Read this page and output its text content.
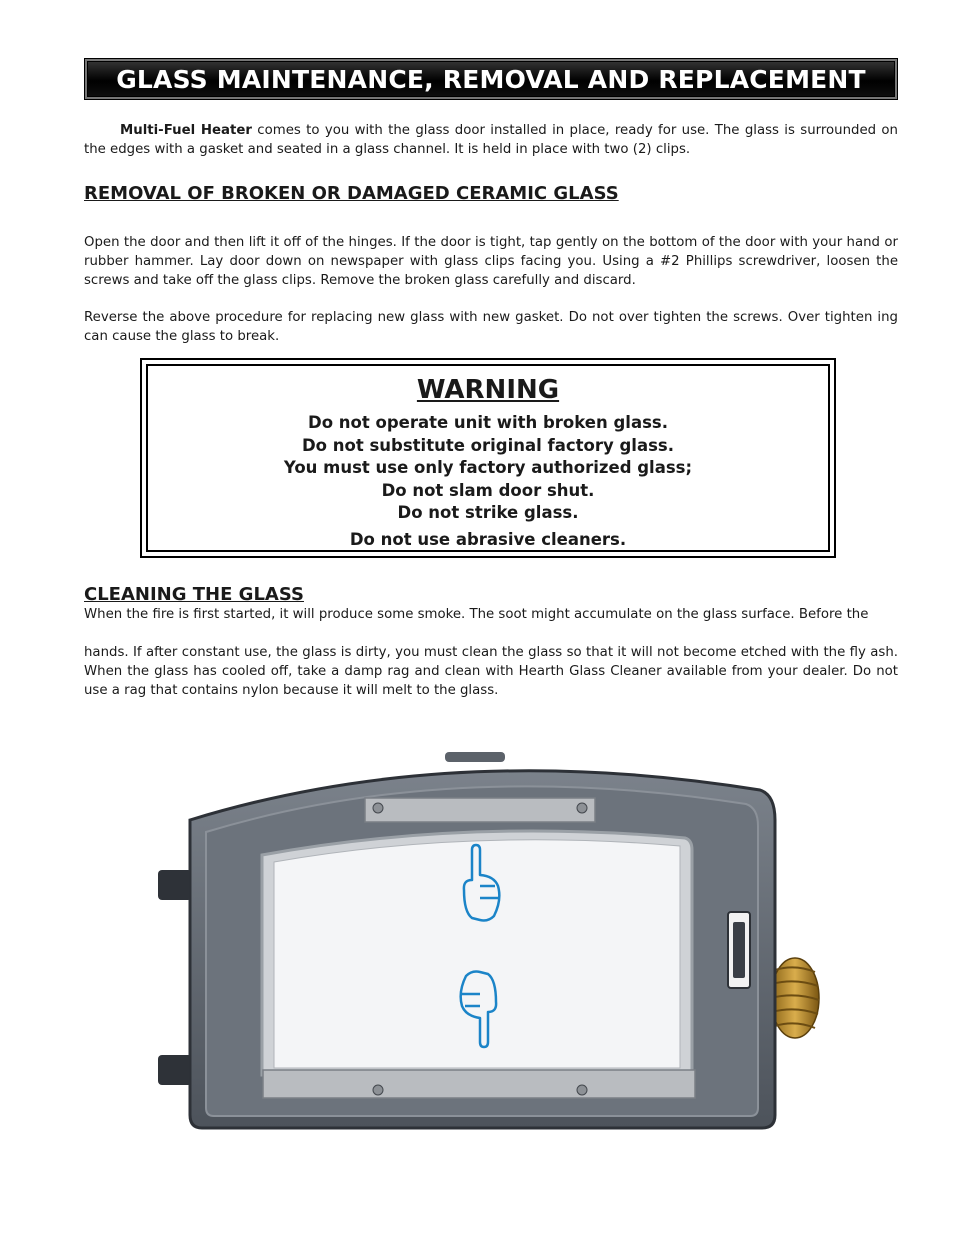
GLASS MAINTENANCE, REMOVAL AND REPLACEMENT

Multi-Fuel Heater comes to you with the glass door installed in place, ready for use. The glass is surrounded on the edges with a gasket and seated in a glass channel. It is held in place with two (2) clips.

REMOVAL OF BROKEN OR DAMAGED CERAMIC GLASS

Open the door and then lift it off of the hinges. If the door is tight, tap gently on the bottom of the door with your hand or rubber hammer. Lay door down on newspaper with glass clips facing you. Using a #2 Phillips screwdriver, loosen the screws and take off the glass clips. Remove the broken glass carefully and discard.

Reverse the above procedure for replacing new glass with new gasket. Do not over tighten the screws. Over tighten ing can cause the glass to break.

WARNING

Do not operate unit with broken glass.

Do not substitute original factory glass.

You must use only factory authorized glass;

Do not slam door shut.

Do not strike glass.

Do not use abrasive cleaners.

CLEANING THE GLASS

When the fire is first started, it will produce some smoke. The soot might accumulate on the glass surface. Before the

hands. If after constant use, the glass is dirty, you must clean the glass so that it will not become etched with the fly ash. When the glass has cooled off, take a damp rag and clean with Hearth Glass Cleaner available from your dealer. Do not use a rag that contains nylon because it will melt to the glass.
